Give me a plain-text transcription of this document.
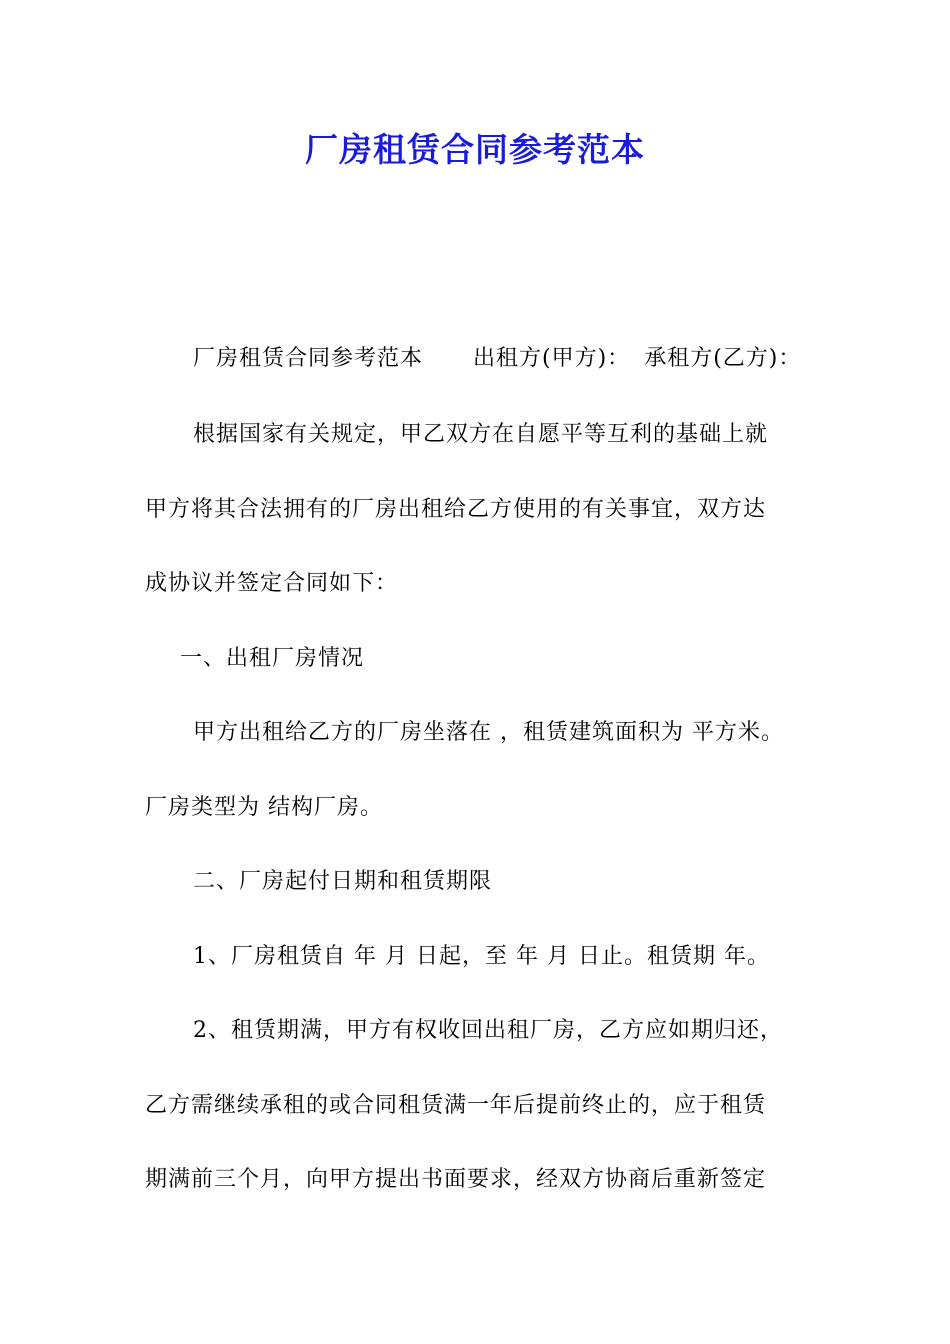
厂房租赁合同参考范本
厂房租赁合同参考范本 出租方(甲方)： 承租方(乙方)：
根据国家有关规定，甲乙双方在自愿平等互利的基础上就
甲方将其合法拥有的厂房出租给乙方使用的有关事宜，双方达
成协议并签定合同如下：
一、出租厂房情况
甲方出租给乙方的厂房坐落在 ，租赁建筑面积为 平方米。
厂房类型为 结构厂房。
二、厂房起付日期和租赁期限
1、厂房租赁自 年 月 日起，至 年 月 日止。租赁期 年。
2、租赁期满，甲方有权收回出租厂房，乙方应如期归还，
乙方需继续承租的或合同租赁满一年后提前终止的，应于租赁
期满前三个月，向甲方提出书面要求，经双方协商后重新签定
